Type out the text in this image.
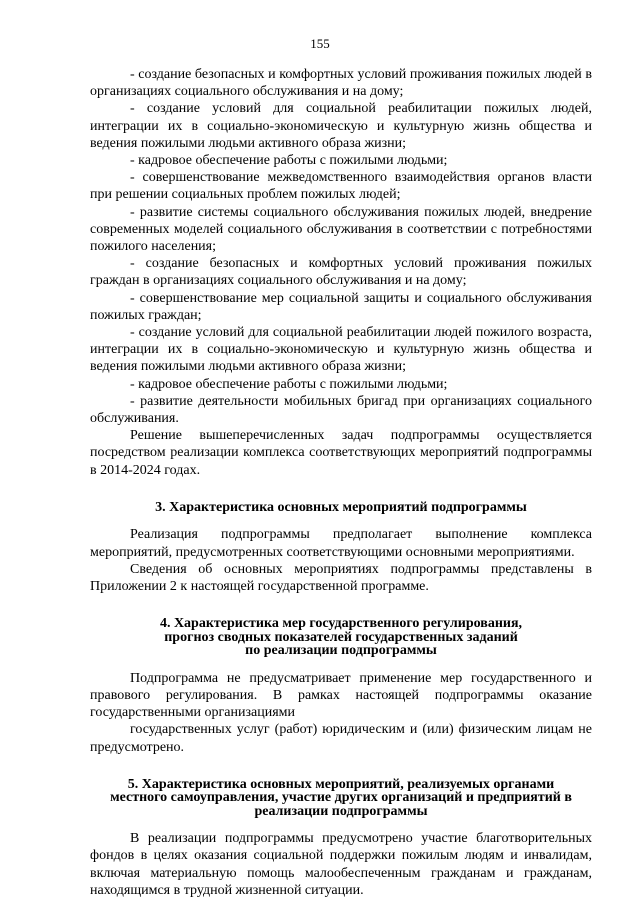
155

- создание безопасных и комфортных условий проживания пожилых людей в организациях социального обслуживания и на дому;

- создание условий для социальной реабилитации пожилых людей, интеграции их в социально-экономическую и культурную жизнь общества и ведения пожилыми людьми активного образа жизни;

- кадровое обеспечение работы с пожилыми людьми;

- совершенствование межведомственного взаимодействия органов власти при решении социальных проблем пожилых людей;

- развитие системы социального обслуживания пожилых людей, внедрение современных моделей социального обслуживания в соответствии с потребностями пожилого населения;

- создание безопасных и комфортных условий проживания пожилых граждан в организациях социального обслуживания и на дому;

- совершенствование мер социальной защиты и социального обслуживания пожилых граждан;

- создание условий для социальной реабилитации людей пожилого возраста, интеграции их в социально-экономическую и культурную жизнь общества и ведения пожилыми людьми активного образа жизни;

- кадровое обеспечение работы с пожилыми людьми;

- развитие деятельности мобильных бригад при организациях социального обслуживания.

Решение вышеперечисленных задач подпрограммы осуществляется посредством реализации комплекса соответствующих мероприятий подпрограммы в 2014-2024 годах.

3. Характеристика основных мероприятий подпрограммы

Реализация подпрограммы предполагает выполнение комплекса мероприятий, предусмотренных соответствующими основными мероприятиями.

Сведения об основных мероприятиях подпрограммы представлены в Приложении 2 к настоящей государственной программе.

4. Характеристика мер государственного регулирования,
прогноз сводных показателей государственных заданий
по реализации подпрограммы

Подпрограмма не предусматривает применение мер государственного и правового регулирования. В рамках настоящей подпрограммы оказание государственными организациями

государственных услуг (работ) юридическим и (или) физическим лицам не предусмотрено.

5. Характеристика основных мероприятий, реализуемых органами
местного самоуправления, участие других организаций и предприятий в
реализации подпрограммы

В реализации подпрограммы предусмотрено участие благотворительных фондов в целях оказания социальной поддержки пожилым людям и инвалидам, включая материальную помощь малообеспеченным гражданам и гражданам, находящимся в трудной жизненной ситуации.
